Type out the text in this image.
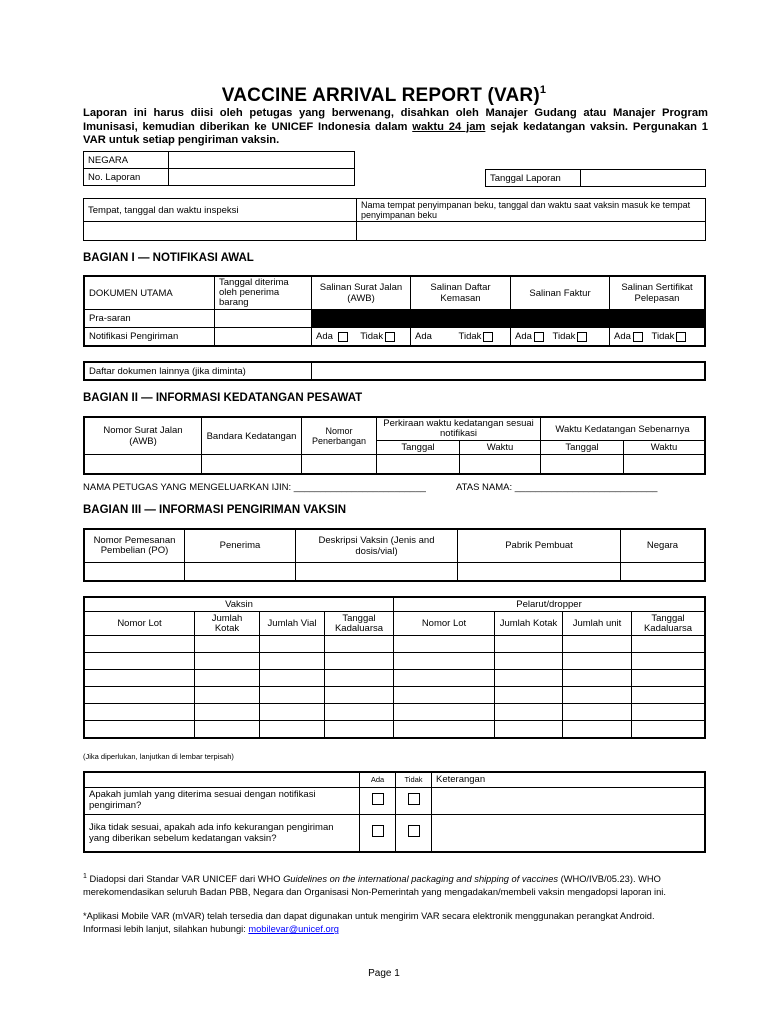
VACCINE ARRIVAL REPORT (VAR)$^1$
Laporan ini harus diisi oleh petugas yang berwenang, disahkan oleh Manajer Gudang atau Manajer Program Imunisasi, kemudian diberikan ke UNICEF Indonesia dalam waktu 24 jam sejak kedatangan vaksin. Pergunakan 1 VAR untuk setiap pengiriman vaksin.
NEGARA	
No. Laporan		Tanggal Laporan	
Tempat, tanggal dan waktu inspeksi	Nama tempat penyimpanan beku, tanggal dan waktu saat vaksin masuk ke tempat penyimpanan beku

BAGIAN I — NOTIFIKASI AWAL
DOKUMEN UTAMA	Tanggal diterima oleh penerima barang	Salinan Surat Jalan (AWB)	Salinan Daftar Kemasan	Salinan Faktur	Salinan Sertifikat Pelepasan
Pra-saran					
Notifikasi Pengiriman		Ada Tidak	Ada Tidak	Ada Tidak	Ada Tidak
Daftar dokumen lainnya (jika diminta)	
BAGIAN II — INFORMASI KEDATANGAN PESAWAT
Nomor Surat Jalan (AWB)	Bandara Kedatangan	Nomor Penerbangan	Perkiraan waktu kedatangan sesuai notifikasi		Waktu Kedatangan Sebenarnya	
			Tanggal	Waktu	Tanggal	Waktu

NAMA PETUGAS YANG MENGELUARKAN IJIN: _________________________	ATAS NAMA: ___________________________
BAGIAN III — INFORMASI PENGIRIMAN VAKSIN
Nomor Pemesanan Pembelian (PO)	Penerima	Deskripsi Vaksin (Jenis and dosis/vial)	Pabrik Pembuat	Negara

Vaksin				Pelarut/dropper			
Nomor Lot	Jumlah Kotak	Jumlah Vial	Tanggal Kadaluarsa	Nomor Lot	Jumlah Kotak	Jumlah unit	Tanggal Kadaluarsa

(Jika diperlukan, lanjutkan di lembar terpisah)
	Ada	Tidak	Keterangan
Apakah jumlah yang diterima sesuai dengan notifikasi pengiriman?			
Jika tidak sesuai, apakah ada info kekurangan pengiriman yang diberikan sebelum kedatangan vaksin?			
$^1$ Diadopsi dari Standar VAR UNICEF dari WHO Guidelines on the international packaging and shipping of vaccines (WHO/IVB/05.23). WHO merekomendasikan seluruh Badan PBB, Negara dan Organisasi Non-Pemerintah yang mengadakan/membeli vaksin mengadopsi laporan ini.
*Aplikasi Mobile VAR (mVAR) telah tersedia dan dapat digunakan untuk mengirim VAR secara elektronik menggunakan perangkat Android.
Informasi lebih lanjut, silahkan hubungi: mobilevar@unicef.org
Page 1
